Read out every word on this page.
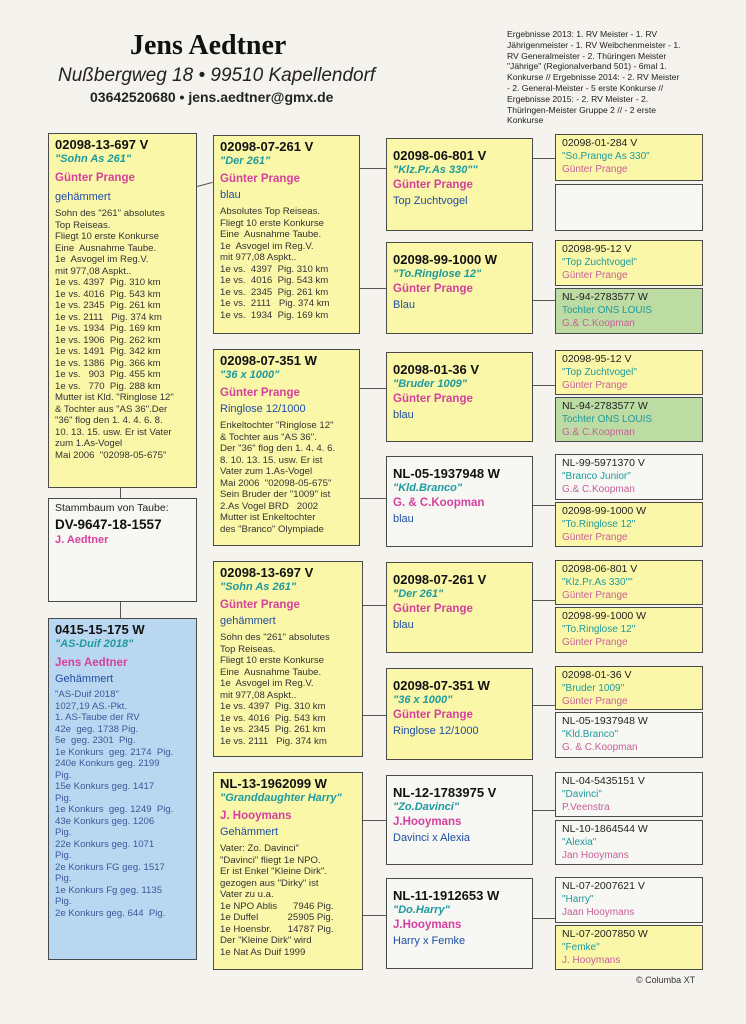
Jens Aedtner
Nußbergweg 18 • 99510 Kapellendorf
03642520680 • jens.aedtner@gmx.de
Ergebnisse 2013: 1. RV Meister - 1. RV
Jährigenmeister - 1. RV Weibchenmeister - 1.
RV Generalmeister - 2. Thüringen Meister
"Jährige" (Regionalverband 501) - 6mal 1.
Konkurse // Ergebnisse 2014: - 2. RV Meister
- 2. General-Meister - 5 erste Konkurse //
Ergebnisse 2015: - 2. RV Meister - 2.
Thüringen-Meister Gruppe 2 // - 2 erste
Konkurse
02098-13-697 V
"Sohn As 261"
Günter Prange
gehämmert
Sohn des "261" absolutes
Top Reiseas.
Fliegt 10 erste Konkurse
Eine  Ausnahme Taube.
1e  Asvogel im Reg.V.
mit 977,08 Aspkt..
1e vs. 4397  Pig. 310 km
1e vs. 4016  Pig. 543 km
1e vs. 2345  Pig. 261 km
1e vs. 2111   Pig. 374 km
1e vs. 1934  Pig. 169 km
1e vs. 1906  Pig. 262 km
1e vs. 1491  Pig. 342 km
1e vs. 1386  Pig. 366 km
1e vs.   903  Pig. 455 km
1e vs.   770  Pig. 288 km
Mutter ist Kld. "Ringlose 12"
& Tochter aus "AS 36".Der
"36" flog den 1. 4. 4. 6. 8.
10. 13. 15. usw. Er ist Vater
zum 1.As-Vogel
Mai 2006  "02098-05-675"
Stammbaum von Taube:
DV-9647-18-1557
J. Aedtner
0415-15-175 W
"AS-Duif 2018"
Jens Aedtner
Gehämmert
"AS-Duif 2018"
1027,19 AS.-Pkt.
1. AS-Taube der RV
42e  geg. 1738 Pig.
5e  geg. 2301  Pig.
1e Konkurs  geg. 2174  Pig.
240e Konkurs geg. 2199
Pig.
15e Konkurs geg. 1417
Pig.
1e Konkurs  geg. 1249  Pig.
43e Konkurs geg. 1206
Pig.
22e Konkurs geg. 1071
Pig.
2e Konkurs FG geg. 1517
Pig.
1e Konkurs Fg geg. 1135
Pig.
2e Konkurs geg. 644  Pig.
02098-07-261 V
"Der 261"
Günter Prange
blau
Absolutes Top Reiseas.
Fliegt 10 erste Konkurse
Eine  Ausnahme Taube.
1e  Asvogel im Reg.V.
mit 977,08 Aspkt..
1e vs.  4397  Pig. 310 km
1e vs.  4016  Pig. 543 km
1e vs.  2345  Pig. 261 km
1e vs.  2111   Pig. 374 km
1e vs.  1934  Pig. 169 km
02098-07-351 W
"36 x 1000"
Günter Prange
Ringlose 12/1000
Enkeltochter "Ringlose 12"
& Tochter aus "AS 36".
Der "36" flog den 1. 4. 4. 6.
8. 10. 13. 15. usw. Er ist
Vater zum 1.As-Vogel
Mai 2006  "02098-05-675"
Sein Bruder der "1009" ist
2.As Vogel BRD   2002
Mutter ist Enkeltochter
des "Branco" Olympiade
02098-13-697 V
"Sohn As 261"
Günter Prange
gehämmert
Sohn des "261" absolutes
Top Reiseas.
Fliegt 10 erste Konkurse
Eine  Ausnahme Taube.
1e  Asvogel im Reg.V.
mit 977,08 Aspkt..
1e vs. 4397  Pig. 310 km
1e vs. 4016  Pig. 543 km
1e vs. 2345  Pig. 261 km
1e vs. 2111   Pig. 374 km
NL-13-1962099 W
"Granddaughter Harry"
J. Hooymans
Gehämmert
Vater: Zo. Davinci"
"Davinci" fliegt 1e NPO.
Er ist Enkel "Kleine Dirk".
gezogen aus "Dirky" ist
Vater zu u.a.
1e NPO Ablis      7946 Pig.
1e Duffel           25905 Pig.
1e Hoensbr.      14787 Pig.
Der "Kleine Dirk" wird
1e Nat As Duif 1999
02098-06-801 V
"Klz.Pr.As 330""
Günter Prange
Top Zuchtvogel
02098-99-1000 W
"To.Ringlose 12"
Günter Prange
Blau
02098-01-36 V
"Bruder 1009"
Günter Prange
blau
NL-05-1937948 W
"Kld.Branco"
G. & C.Koopman
blau
02098-07-261 V
"Der 261"
Günter Prange
blau
02098-07-351 W
"36 x 1000"
Günter Prange
Ringlose 12/1000
NL-12-1783975 V
"Zo.Davinci"
J.Hooymans
Davinci x Alexia
NL-11-1912653 W
"Do.Harry"
J.Hooymans
Harry x Femke
02098-01-284 V
"So.Prange As 330"
Günter Prange
02098-95-12 V
"Top Zuchtvogel"
Günter Prange
NL-94-2783577 W
Tochter ONS LOUIS
G.& C.Koopman
02098-95-12 V
"Top Zuchtvogel"
Günter Prange
NL-94-2783577 W
Tochter ONS LOUIS
G.& C.Koopman
NL-99-5971370 V
"Branco Junior"
G.& C.Koopman
02098-99-1000 W
"To.Ringlose 12"
Günter Prange
02098-06-801 V
"Klz.Pr.As 330""
Günter Prange
02098-99-1000 W
"To.Ringlose 12"
Günter Prange
02098-01-36 V
"Bruder 1009"
Günter Prange
NL-05-1937948 W
"Kld.Branco"
G. & C.Koopman
NL-04-5435151 V
"Davinci"
P.Veenstra
NL-10-1864544 W
"Alexia"
Jan Hooymans
NL-07-2007621 V
"Harry"
Jaan Hooymans
NL-07-2007850 W
"Femke"
J. Hooymans
© Columba XT
